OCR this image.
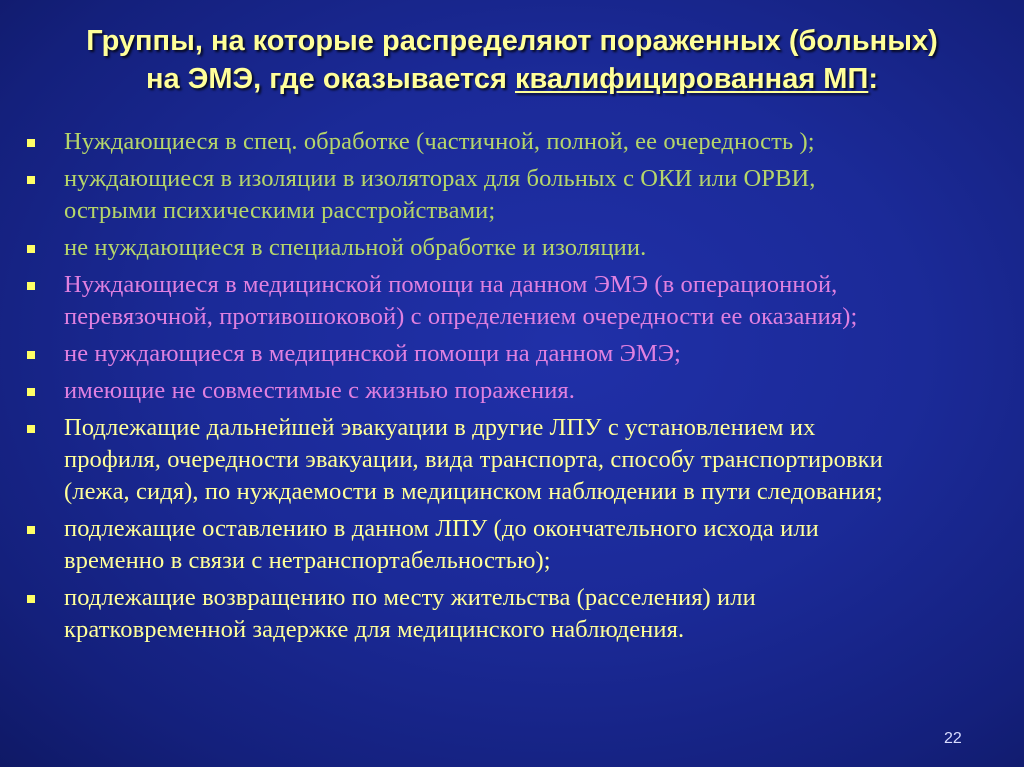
Группы, на которые распределяют пораженных (больных)
на ЭМЭ, где оказывается квалифицированная МП:
Нуждающиеся в спец. обработке (частичной, полной, ее очередность );
нуждающиеся в изоляции в изоляторах для больных с ОКИ или ОРВИ,
острыми психическими расстройствами;
не нуждающиеся в специальной обработке и изоляции.
Нуждающиеся в медицинской помощи на данном ЭМЭ (в операционной,
перевязочной, противошоковой) с определением очередности ее оказания);
не нуждающиеся в медицинской помощи на данном ЭМЭ;
имеющие не совместимые с жизнью поражения.
Подлежащие дальнейшей эвакуации в другие ЛПУ с установлением их
профиля, очередности эвакуации, вида транспорта, способу транспортировки
(лежа, сидя), по нуждаемости в медицинском наблюдении в пути следования;
подлежащие оставлению в данном ЛПУ (до окончательного исхода или
временно в связи с нетранспортабельностью);
подлежащие возвращению по месту жительства (расселения) или
кратковременной задержке для медицинского наблюдения.
22
